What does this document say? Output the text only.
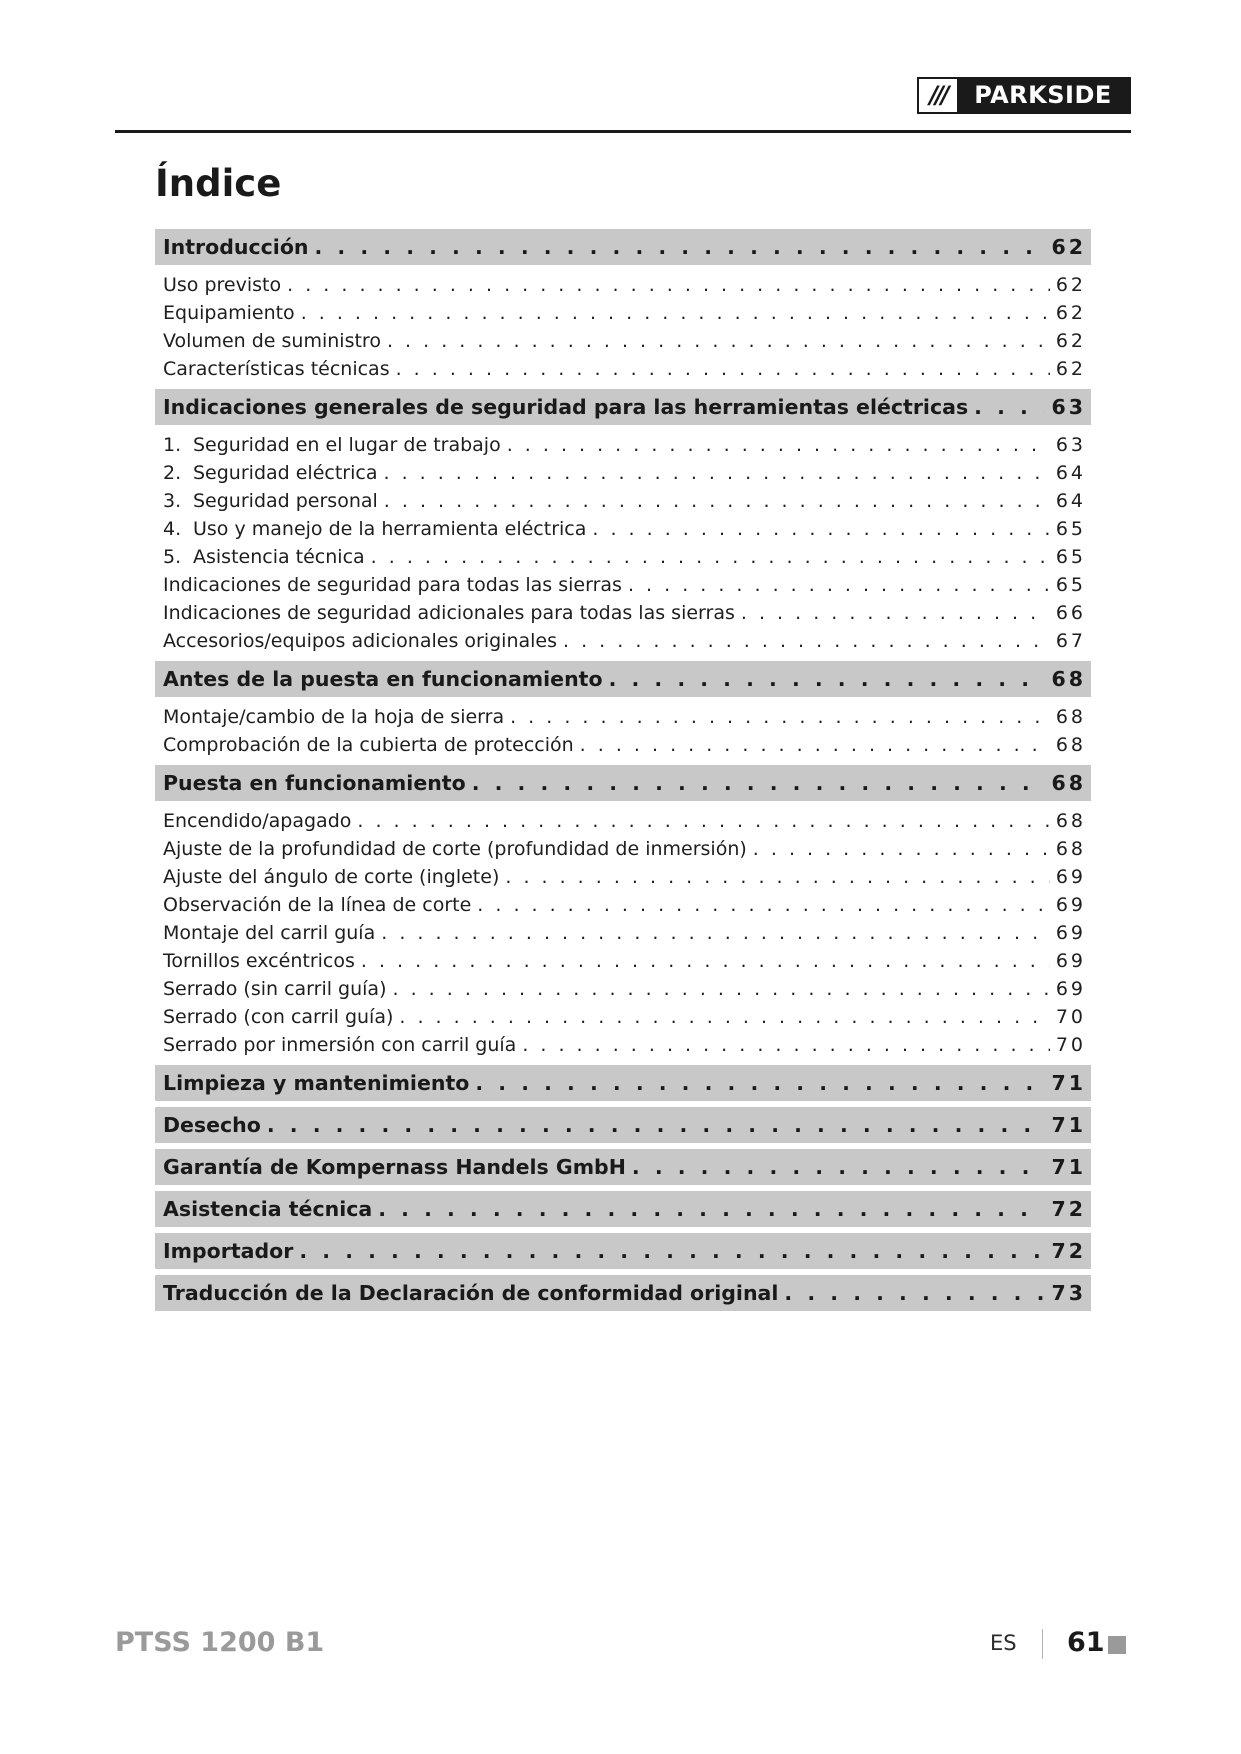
///	PARKSIDE
Índice
Introducción . . .	62
Uso previsto . . .	62
Equipamiento . . .	62
Volumen de suministro . . .	62
Características técnicas . . .	62
Indicaciones generales de seguridad para las herramientas eléctricas . . .	63
1. Seguridad en el lugar de trabajo . . .	63
2. Seguridad eléctrica . . .	64
3. Seguridad personal . . .	64
4. Uso y manejo de la herramienta eléctrica . . .	65
5. Asistencia técnica . . .	65
Indicaciones de seguridad para todas las sierras . . .	65
Indicaciones de seguridad adicionales para todas las sierras . . .	66
Accesorios/equipos adicionales originales . . .	67
Antes de la puesta en funcionamiento . . .	68
Montaje/cambio de la hoja de sierra . . .	68
Comprobación de la cubierta de protección . . .	68
Puesta en funcionamiento . . .	68
Encendido/apagado . . .	68
Ajuste de la profundidad de corte (profundidad de inmersión) . . .	68
Ajuste del ángulo de corte (inglete) . . .	69
Observación de la línea de corte . . .	69
Montaje del carril guía . . .	69
Tornillos excéntricos . . .	69
Serrado (sin carril guía) . . .	69
Serrado (con carril guía) . . .	70
Serrado por inmersión con carril guía . . .	70
Limpieza y mantenimiento . . .	71
Desecho . . .	71
Garantía de Kompernass Handels GmbH . . .	71
Asistencia técnica . . .	72
Importador . . .	72
Traducción de la Declaración de conformidad original . . .	73
PTSS 1200 B1	ES 61
